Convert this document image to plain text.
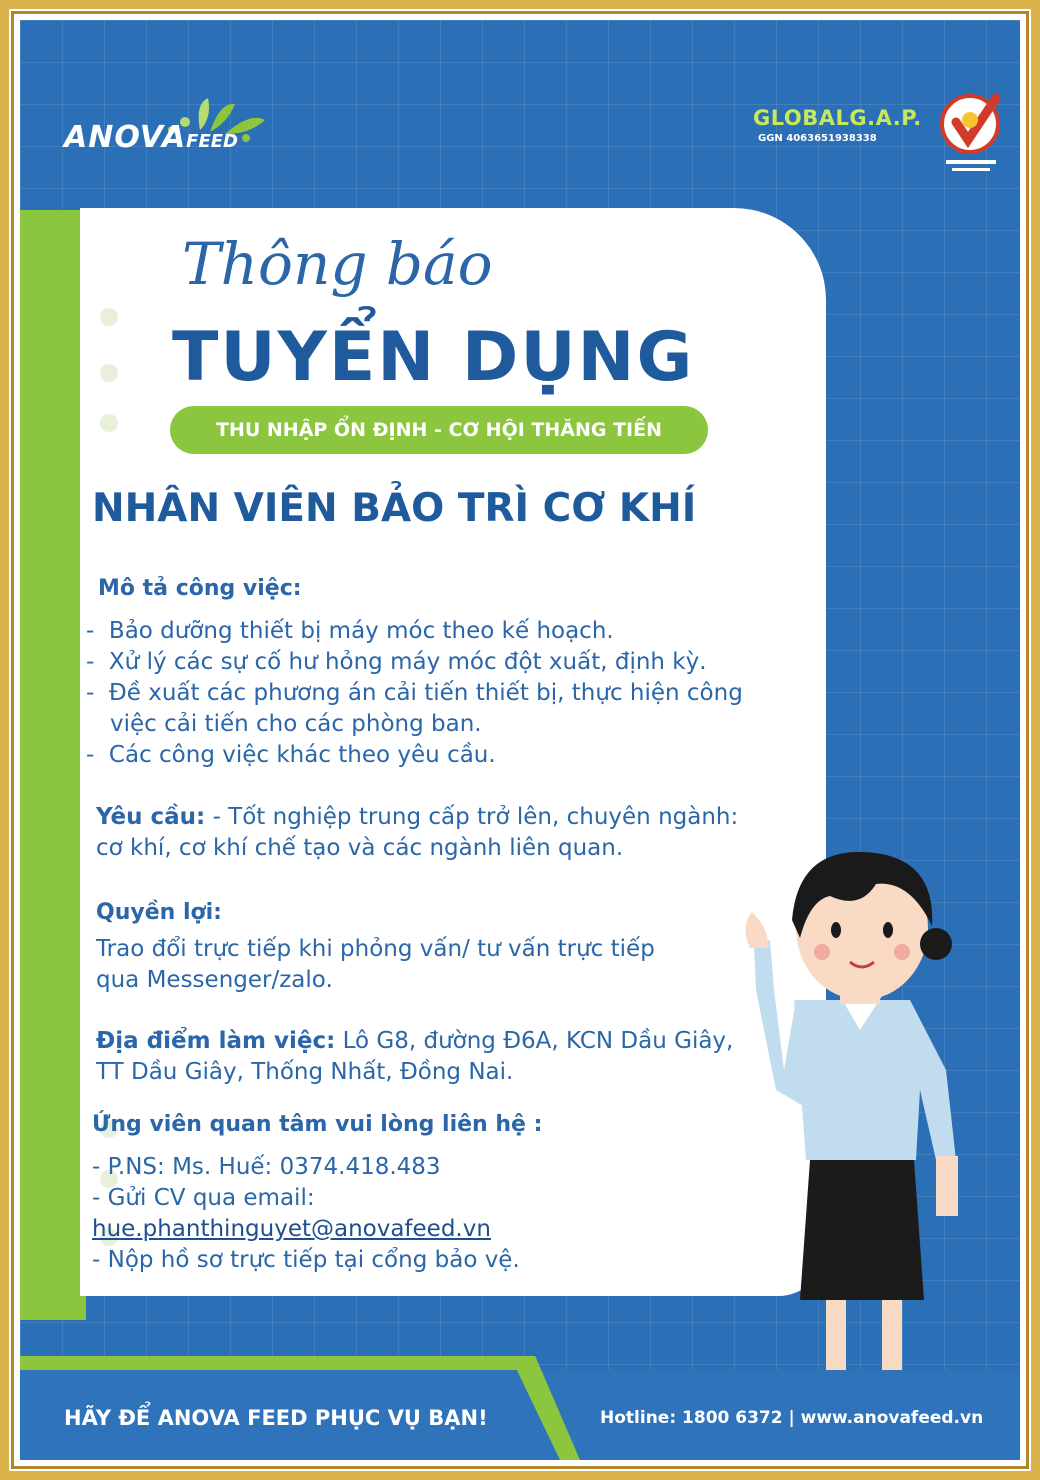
ANOVAFEED
GLOBALG.A.P.
GGN 4063651938338
Thông báo
TUYỂN DỤNG
THU NHẬP ỔN ĐỊNH - CƠ HỘI THĂNG TIẾN
NHÂN VIÊN BẢO TRÌ CƠ KHÍ
Mô tả công việc:
-  Bảo dưỡng thiết bị máy móc theo kế hoạch.
-  Xử lý các sự cố hư hỏng máy móc đột xuất, định kỳ.
-  Đề xuất các phương án cải tiến thiết bị, thực hiện công việc cải tiến cho các phòng ban.
-  Các công việc khác theo yêu cầu.
Yêu cầu: - Tốt nghiệp trung cấp trở lên, chuyên ngành:
cơ khí, cơ khí chế tạo và các ngành liên quan.
Quyền lợi:
Trao đổi trực tiếp khi phỏng vấn/ tư vấn trực tiếp
qua Messenger/zalo.
Địa điểm làm việc: Lô G8, đường Đ6A, KCN Dầu Giây,
TT Dầu Giây, Thống Nhất, Đồng Nai.
Ứng viên quan tâm vui lòng liên hệ :
- P.NS: Ms. Huế: 0374.418.483
- Gửi CV qua email:
hue.phanthinguyet@anovafeed.vn
- Nộp hồ sơ trực tiếp tại cổng bảo vệ.
HÃY ĐỂ ANOVA FEED PHỤC VỤ BẠN!	Hotline: 1800 6372 | www.anovafeed.vn
